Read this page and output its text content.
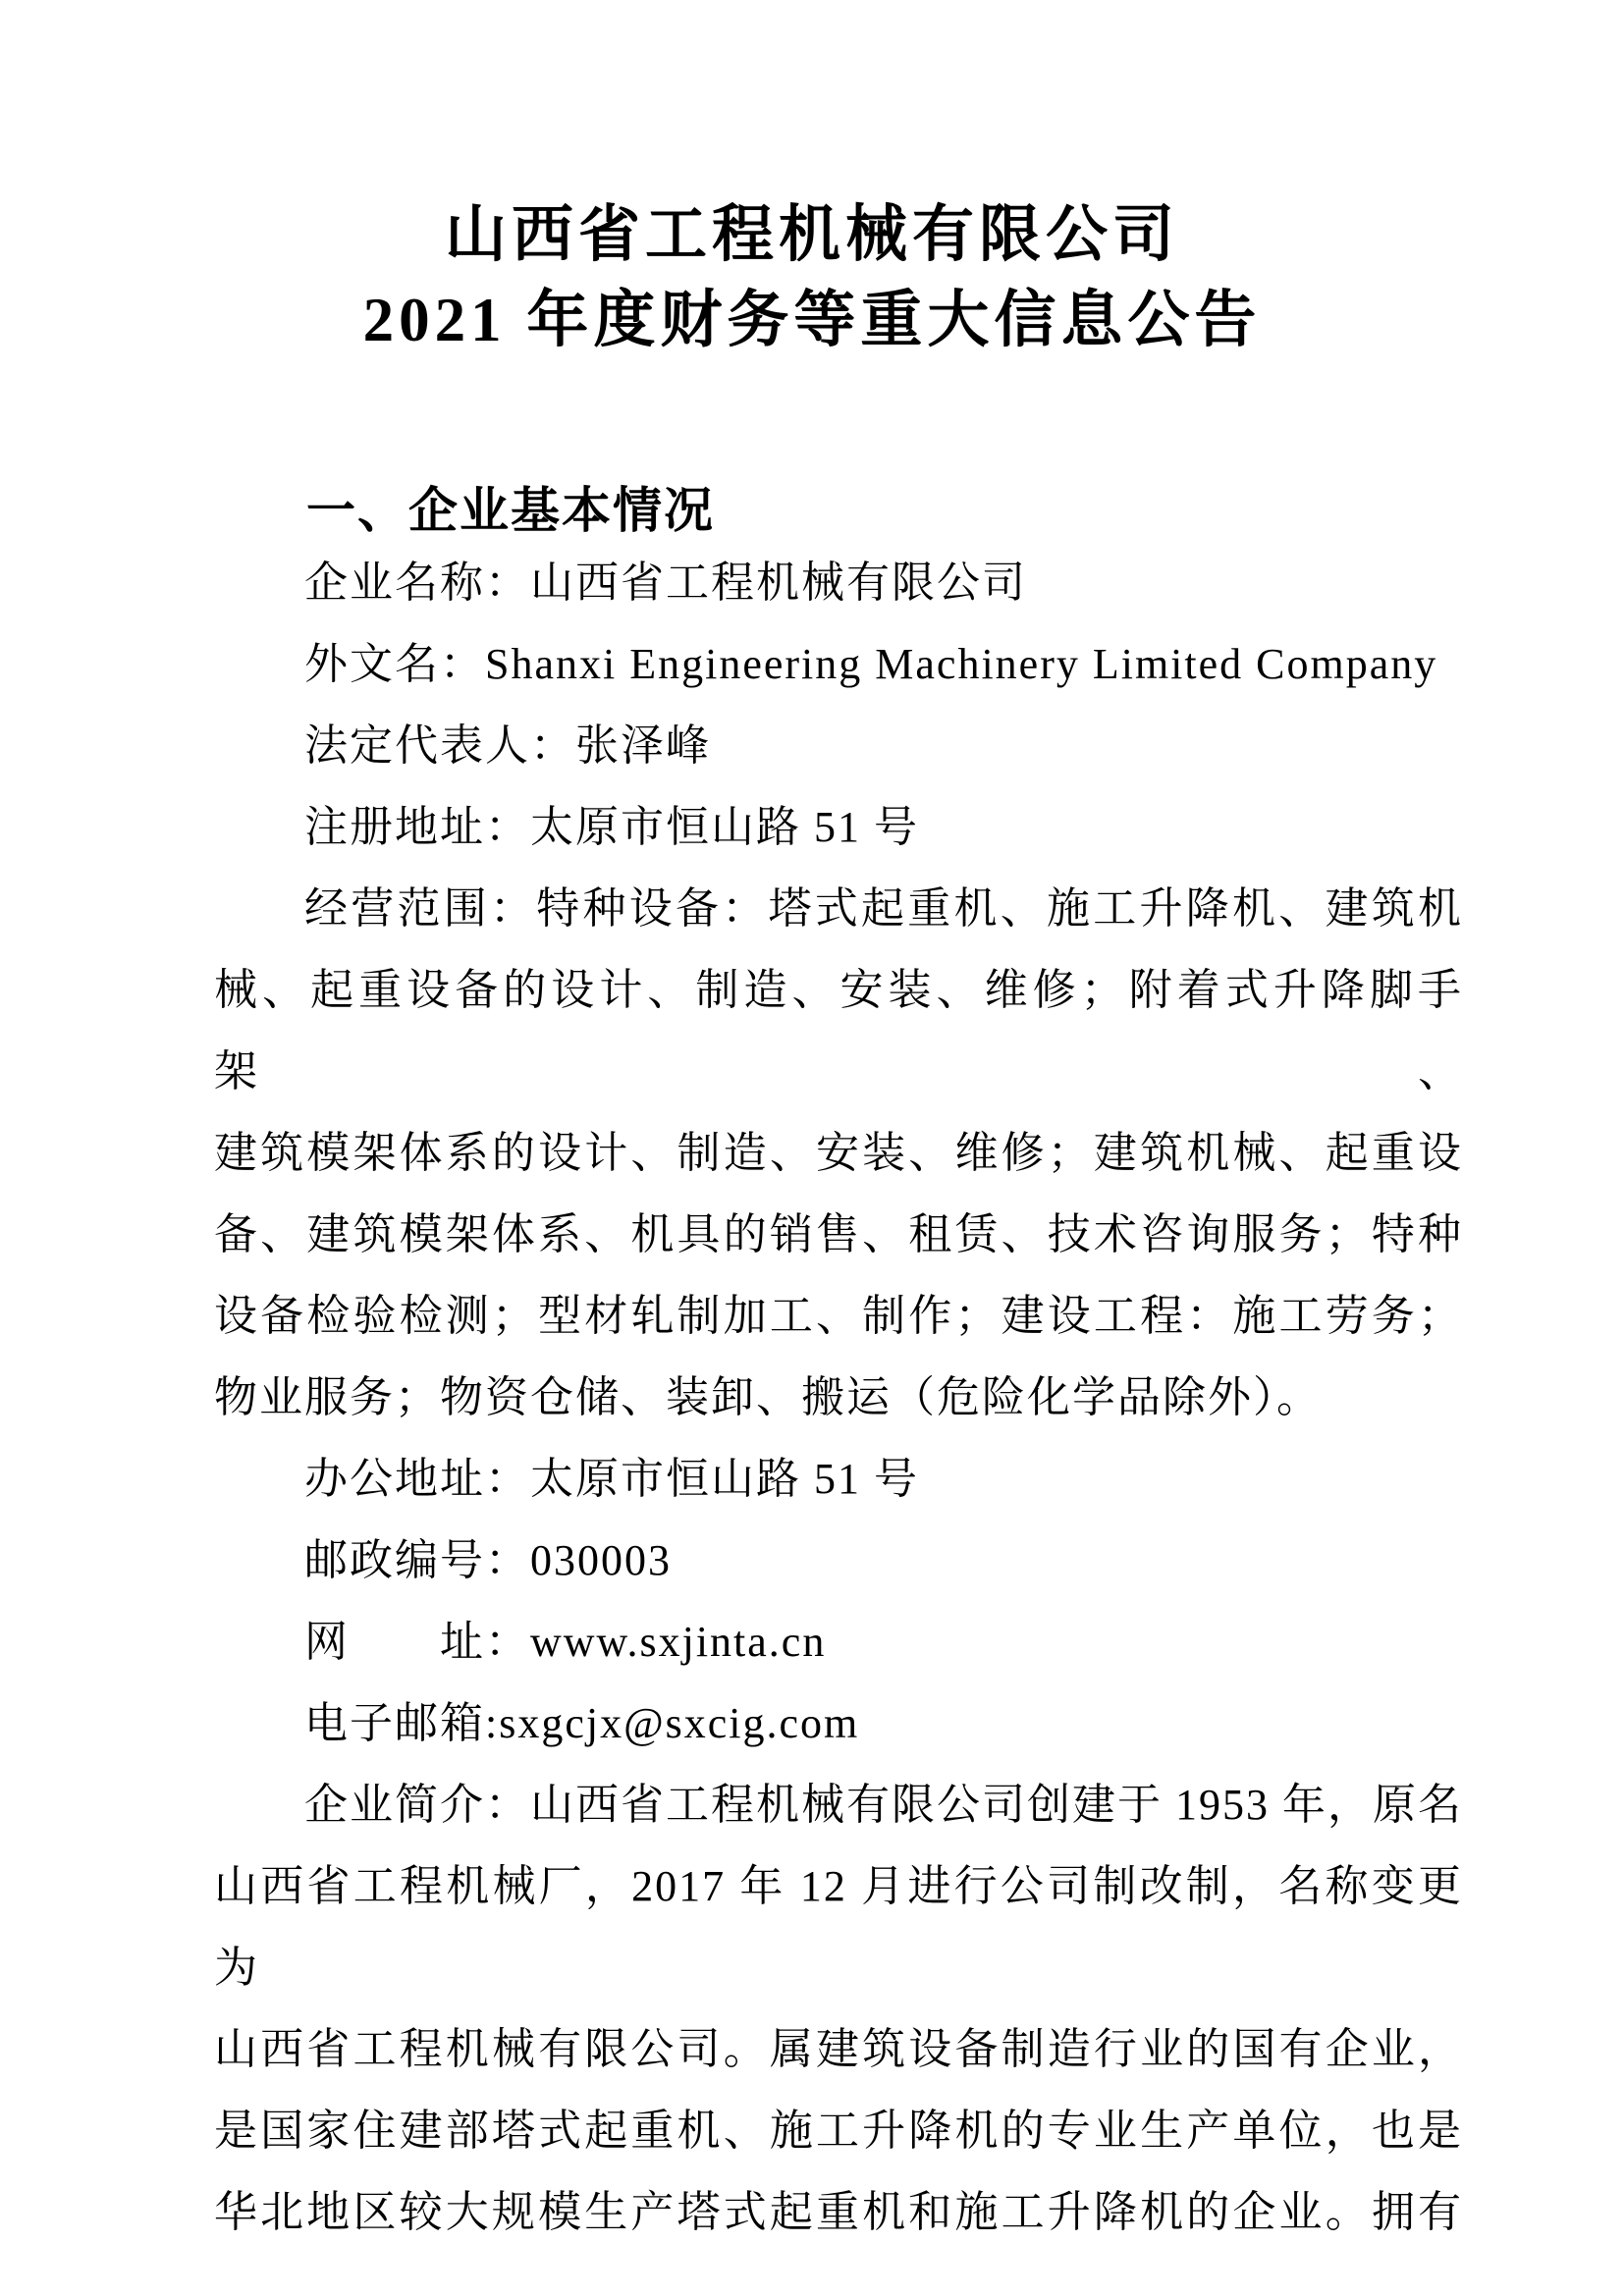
山西省工程机械有限公司
2021 年度财务等重大信息公告
一、企业基本情况
企业名称：山西省工程机械有限公司
外文名：Shanxi Engineering Machinery Limited Company
法定代表人：张泽峰
注册地址：太原市恒山路 51 号
经营范围：特种设备：塔式起重机、施工升降机、建筑机
械、起重设备的设计、制造、安装、维修；附着式升降脚手架、
建筑模架体系的设计、制造、安装、维修；建筑机械、起重设
备、建筑模架体系、机具的销售、租赁、技术咨询服务；特种
设备检验检测；型材轧制加工、制作；建设工程：施工劳务；
物业服务；物资仓储、装卸、搬运（危险化学品除外）。
办公地址：太原市恒山路 51 号
邮政编号：030003
网　　址：www.sxjinta.cn
电子邮箱:sxgcjx@sxcig.com
企业简介：山西省工程机械有限公司创建于 1953 年，原名
山西省工程机械厂，2017 年 12 月进行公司制改制，名称变更为
山西省工程机械有限公司。属建筑设备制造行业的国有企业，
是国家住建部塔式起重机、施工升降机的专业生产单位，也是
华北地区较大规模生产塔式起重机和施工升降机的企业。拥有
